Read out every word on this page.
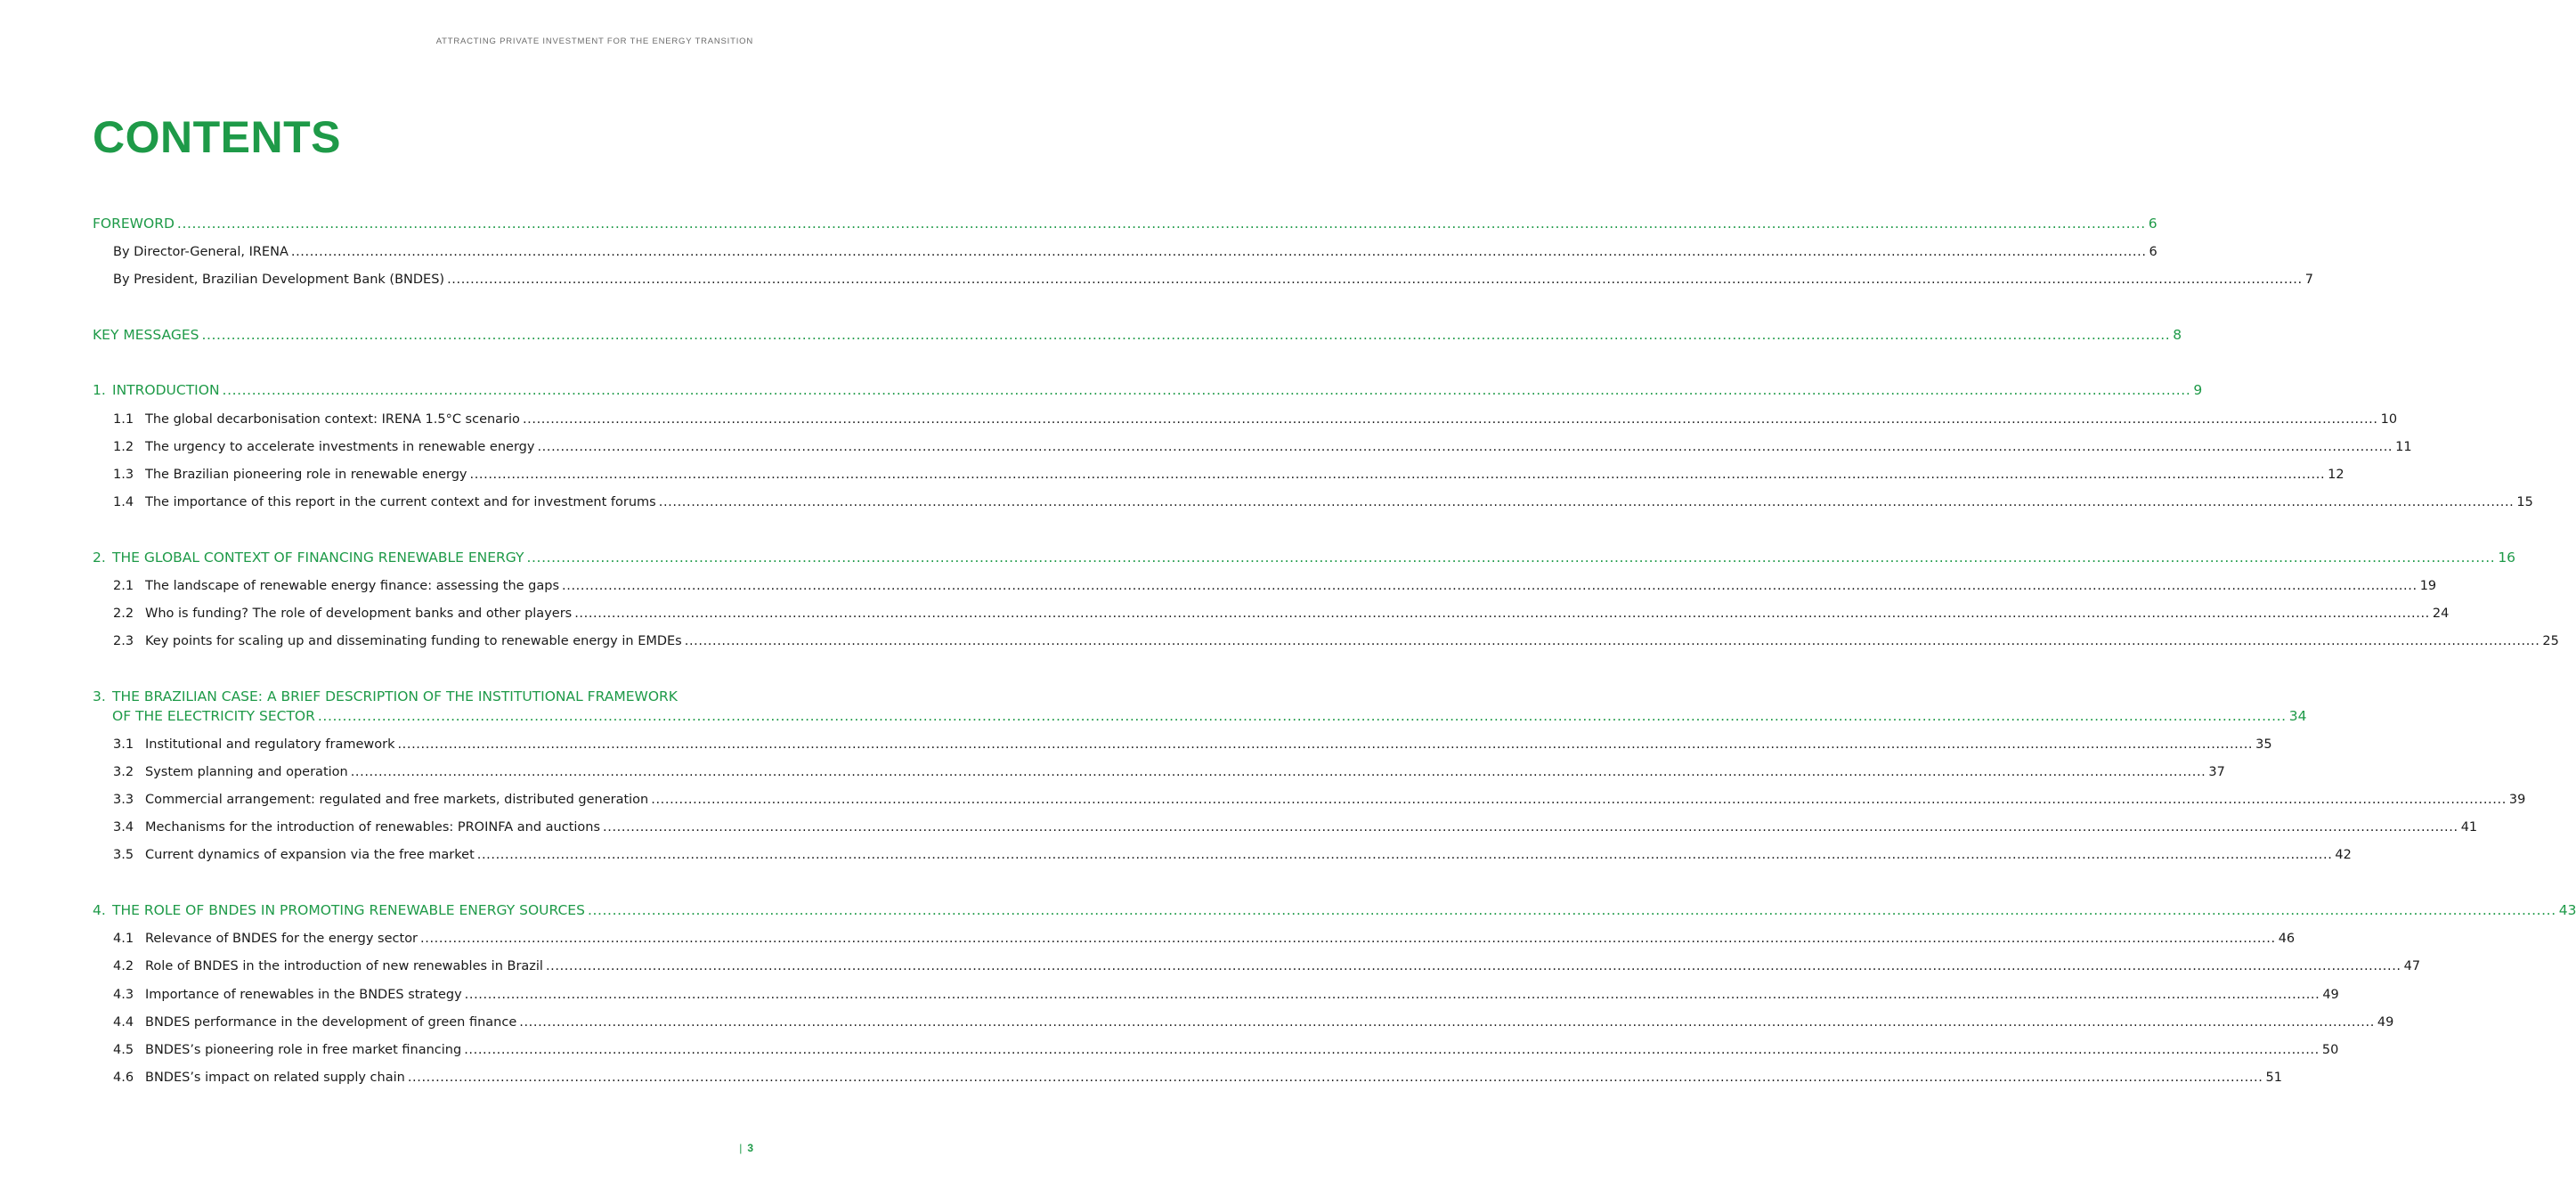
ATTRACTING PRIVATE INVESTMENT FOR THE ENERGY TRANSITION
CONTENTS
FOREWORD ................................................................................................................................................................................................................................................................................................................................................................................................................ 6
By Director-General, IRENA ................................................................................................................................................................................................................................................................................................................................................................................................................ 6
By President, Brazilian Development Bank (BNDES) ................................................................................................................................................................................................................................................................................................................................................................................................................ 7
KEY MESSAGES ................................................................................................................................................................................................................................................................................................................................................................................................................ 8
1. INTRODUCTION ................................................................................................................................................................................................................................................................................................................................................................................................................ 9
1.1 The global decarbonisation context: IRENA 1.5°C scenario ................................................................................................................................................................................................................................................................................................................................................................................................................ 10
1.2 The urgency to accelerate investments in renewable energy ................................................................................................................................................................................................................................................................................................................................................................................................................ 11
1.3 The Brazilian pioneering role in renewable energy ................................................................................................................................................................................................................................................................................................................................................................................................................ 12
1.4 The importance of this report in the current context and for investment forums ................................................................................................................................................................................................................................................................................................................................................................................................................ 15
2. THE GLOBAL CONTEXT OF FINANCING RENEWABLE ENERGY ................................................................................................................................................................................................................................................................................................................................................................................................................ 16
2.1 The landscape of renewable energy finance: assessing the gaps ................................................................................................................................................................................................................................................................................................................................................................................................................ 19
2.2 Who is funding? The role of development banks and other players ................................................................................................................................................................................................................................................................................................................................................................................................................ 24
2.3 Key points for scaling up and disseminating funding to renewable energy in EMDEs ................................................................................................................................................................................................................................................................................................................................................................................................................ 25
3. THE BRAZILIAN CASE: A BRIEF DESCRIPTION OF THE INSTITUTIONAL FRAMEWORK
OF THE ELECTRICITY SECTOR ................................................................................................................................................................................................................................................................................................................................................................................................................ 34
3.1 Institutional and regulatory framework ................................................................................................................................................................................................................................................................................................................................................................................................................ 35
3.2 System planning and operation ................................................................................................................................................................................................................................................................................................................................................................................................................ 37
3.3 Commercial arrangement: regulated and free markets, distributed generation ................................................................................................................................................................................................................................................................................................................................................................................................................ 39
3.4 Mechanisms for the introduction of renewables: PROINFA and auctions ................................................................................................................................................................................................................................................................................................................................................................................................................ 41
3.5 Current dynamics of expansion via the free market ................................................................................................................................................................................................................................................................................................................................................................................................................ 42
4. THE ROLE OF BNDES IN PROMOTING RENEWABLE ENERGY SOURCES ................................................................................................................................................................................................................................................................................................................................................................................................................ 43
4.1 Relevance of BNDES for the energy sector ................................................................................................................................................................................................................................................................................................................................................................................................................ 46
4.2 Role of BNDES in the introduction of new renewables in Brazil ................................................................................................................................................................................................................................................................................................................................................................................................................ 47
4.3 Importance of renewables in the BNDES strategy ................................................................................................................................................................................................................................................................................................................................................................................................................ 49
4.4 BNDES performance in the development of green finance ................................................................................................................................................................................................................................................................................................................................................................................................................ 49
4.5 BNDES’s pioneering role in free market financing ................................................................................................................................................................................................................................................................................................................................................................................................................ 50
4.6 BNDES’s impact on related supply chain ................................................................................................................................................................................................................................................................................................................................................................................................................ 51
| 3
